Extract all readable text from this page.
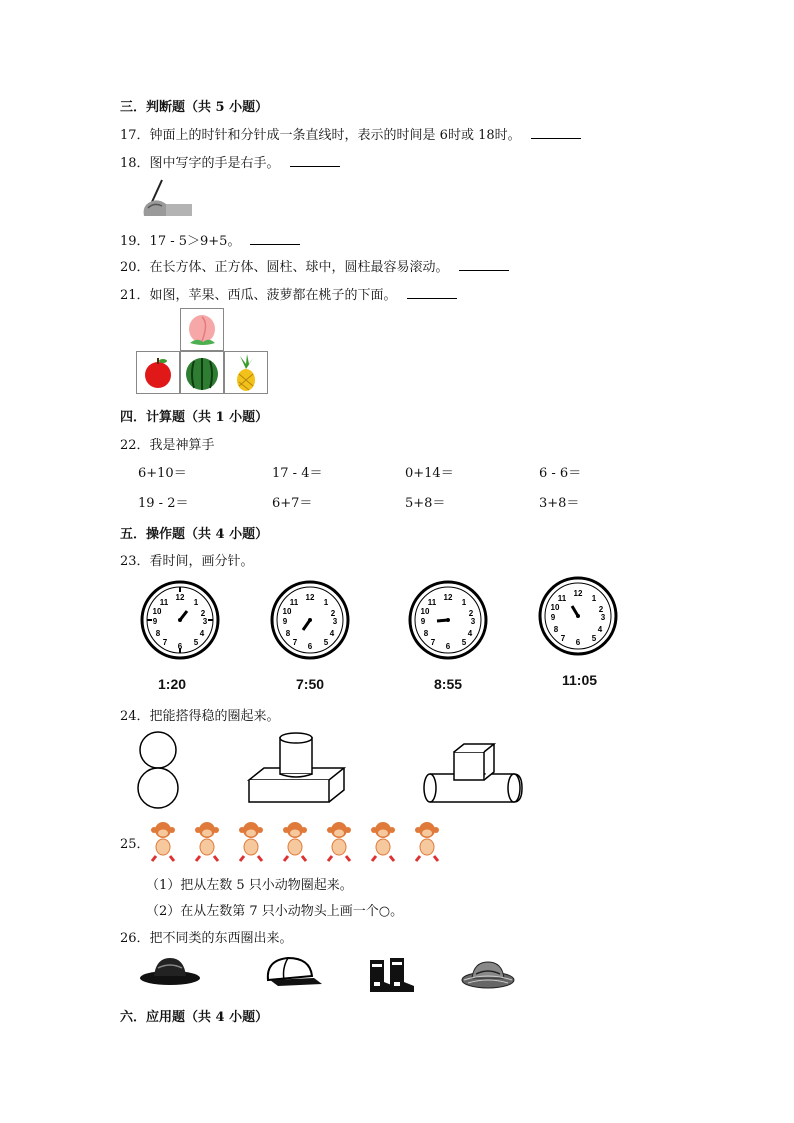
三．判断题（共 5 小题）
17．钟面上的时针和分针成一条直线时，表示的时间是 6时或 18时。
18．图中写字的手是右手。
19．17 - 5＞9+5。
20．在长方体、正方体、圆柱、球中，圆柱最容易滚动。
21．如图，苹果、西瓜、菠萝都在桃子的下面。
四．计算题（共 1 小题）
22．我是神算手
6+10＝	17 - 4＝	0+14＝	6 - 6＝
19 - 2＝	6+7＝	5+8＝	3+8＝
五．操作题（共 4 小题）
23．看时间，画分针。
12
1
2
3
4
5
6
7
8
9
10
11
1:20
12
1
2
3
4
5
6
7
8
9
10
11
7:50
12
1
2
3
4
5
6
7
8
9
10
11
8:55
12
1
2
3
4
5
6
7
8
9
10
11
11:05
24．把能搭得稳的圈起来。
25．
（1）把从左数 5 只小动物圈起来。
（2）在从左数第 7 只小动物头上画一个○。
26．把不同类的东西圈出来。
六．应用题（共 4 小题）
